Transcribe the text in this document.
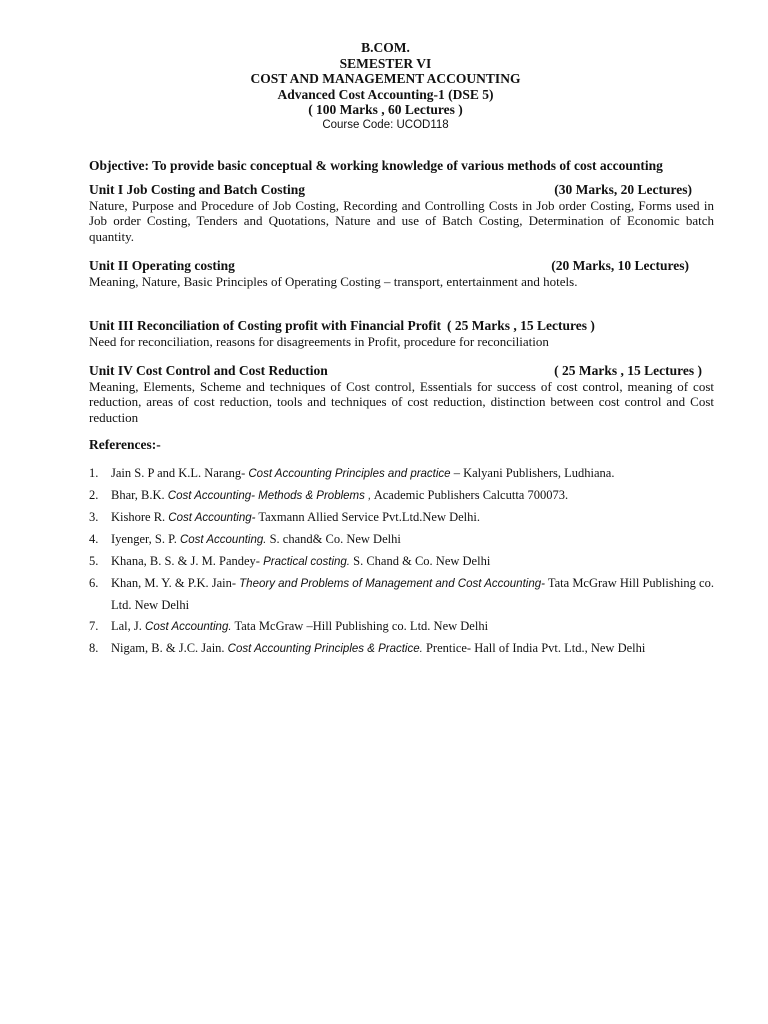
B.COM.
SEMESTER VI
COST AND MANAGEMENT ACCOUNTING
Advanced Cost Accounting-1 (DSE 5)
( 100 Marks , 60 Lectures )
Course Code: UCOD118
Objective: To provide basic conceptual & working knowledge of various methods of cost accounting
Unit I Job Costing and Batch Costing	(30 Marks, 20 Lectures)
Nature, Purpose and Procedure of Job Costing, Recording and Controlling Costs in Job order Costing, Forms used in Job order Costing, Tenders and Quotations, Nature and use of Batch Costing, Determination of Economic batch quantity.
Unit II Operating costing	(20 Marks, 10 Lectures)
Meaning, Nature, Basic Principles of Operating Costing – transport, entertainment and hotels.
Unit III Reconciliation of Costing profit with Financial Profit ( 25 Marks , 15 Lectures )
Need for reconciliation, reasons for disagreements in Profit, procedure for reconciliation
Unit IV Cost Control and Cost Reduction	( 25 Marks , 15 Lectures )
Meaning, Elements, Scheme and techniques of Cost control, Essentials for success of cost control, meaning of cost reduction, areas of cost reduction, tools and techniques of cost reduction, distinction between cost control and Cost reduction
References:-
1. Jain S. P and K.L. Narang- Cost Accounting Principles and practice – Kalyani Publishers, Ludhiana.
2. Bhar, B.K. Cost Accounting- Methods & Problems , Academic Publishers Calcutta 700073.
3. Kishore R. Cost Accounting- Taxmann Allied Service Pvt.Ltd.New Delhi.
4. Iyenger, S. P. Cost Accounting. S. chand& Co. New Delhi
5. Khana, B. S. & J. M. Pandey- Practical costing. S. Chand & Co. New Delhi
6. Khan, M. Y. & P.K. Jain- Theory and Problems of Management and Cost Accounting- Tata McGraw Hill Publishing co. Ltd. New Delhi
7. Lal, J. Cost Accounting. Tata McGraw –Hill Publishing co. Ltd. New Delhi
8. Nigam, B. & J.C. Jain. Cost Accounting Principles & Practice. Prentice- Hall of India Pvt. Ltd., New Delhi
